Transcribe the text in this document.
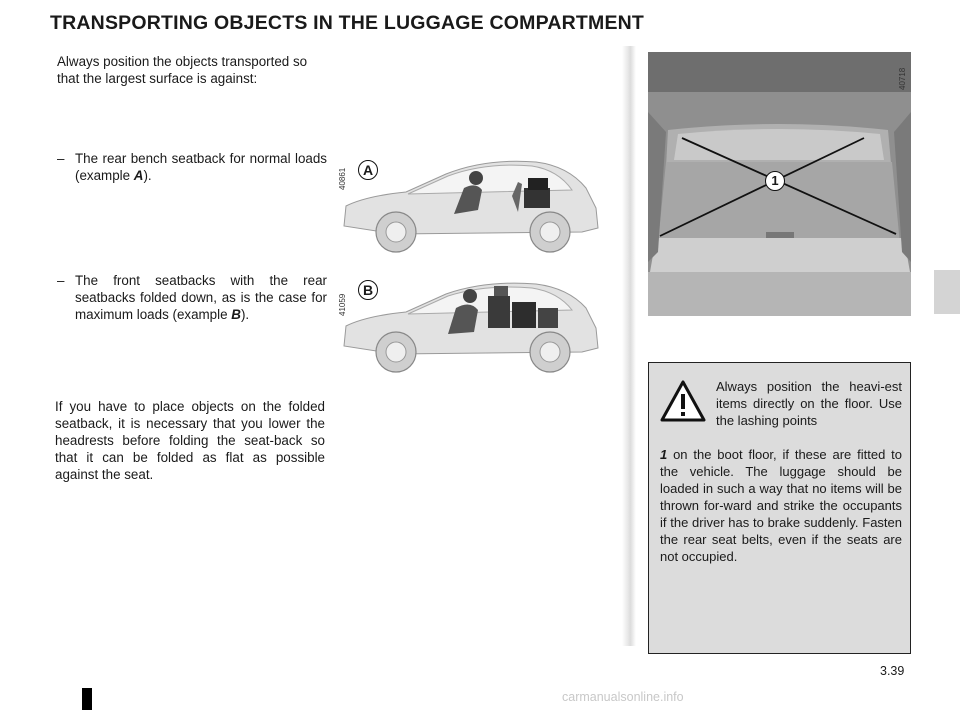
TRANSPORTING OBJECTS IN THE LUGGAGE COMPARTMENT
Always position the objects transported so that the largest surface is against:
– The rear bench seatback for normal loads (example A).
– The front seatbacks with the rear seatbacks folded down, as is the case for maximum loads (example B).
If you have to place objects on the folded seatback, it is necessary that you lower the headrests before folding the seat-back so that it can be folded as flat as possible against the seat.
40861	A
41059
B
1
40718
Always position the heavi-est items directly on the floor. Use the lashing points
1 on the boot floor, if these are fitted to the vehicle. The luggage should be loaded in such a way that no items will be thrown for-ward and strike the occupants if the driver has to brake suddenly. Fasten the rear seat belts, even if the seats are not occupied.
3.39
carmanualsonline.info
